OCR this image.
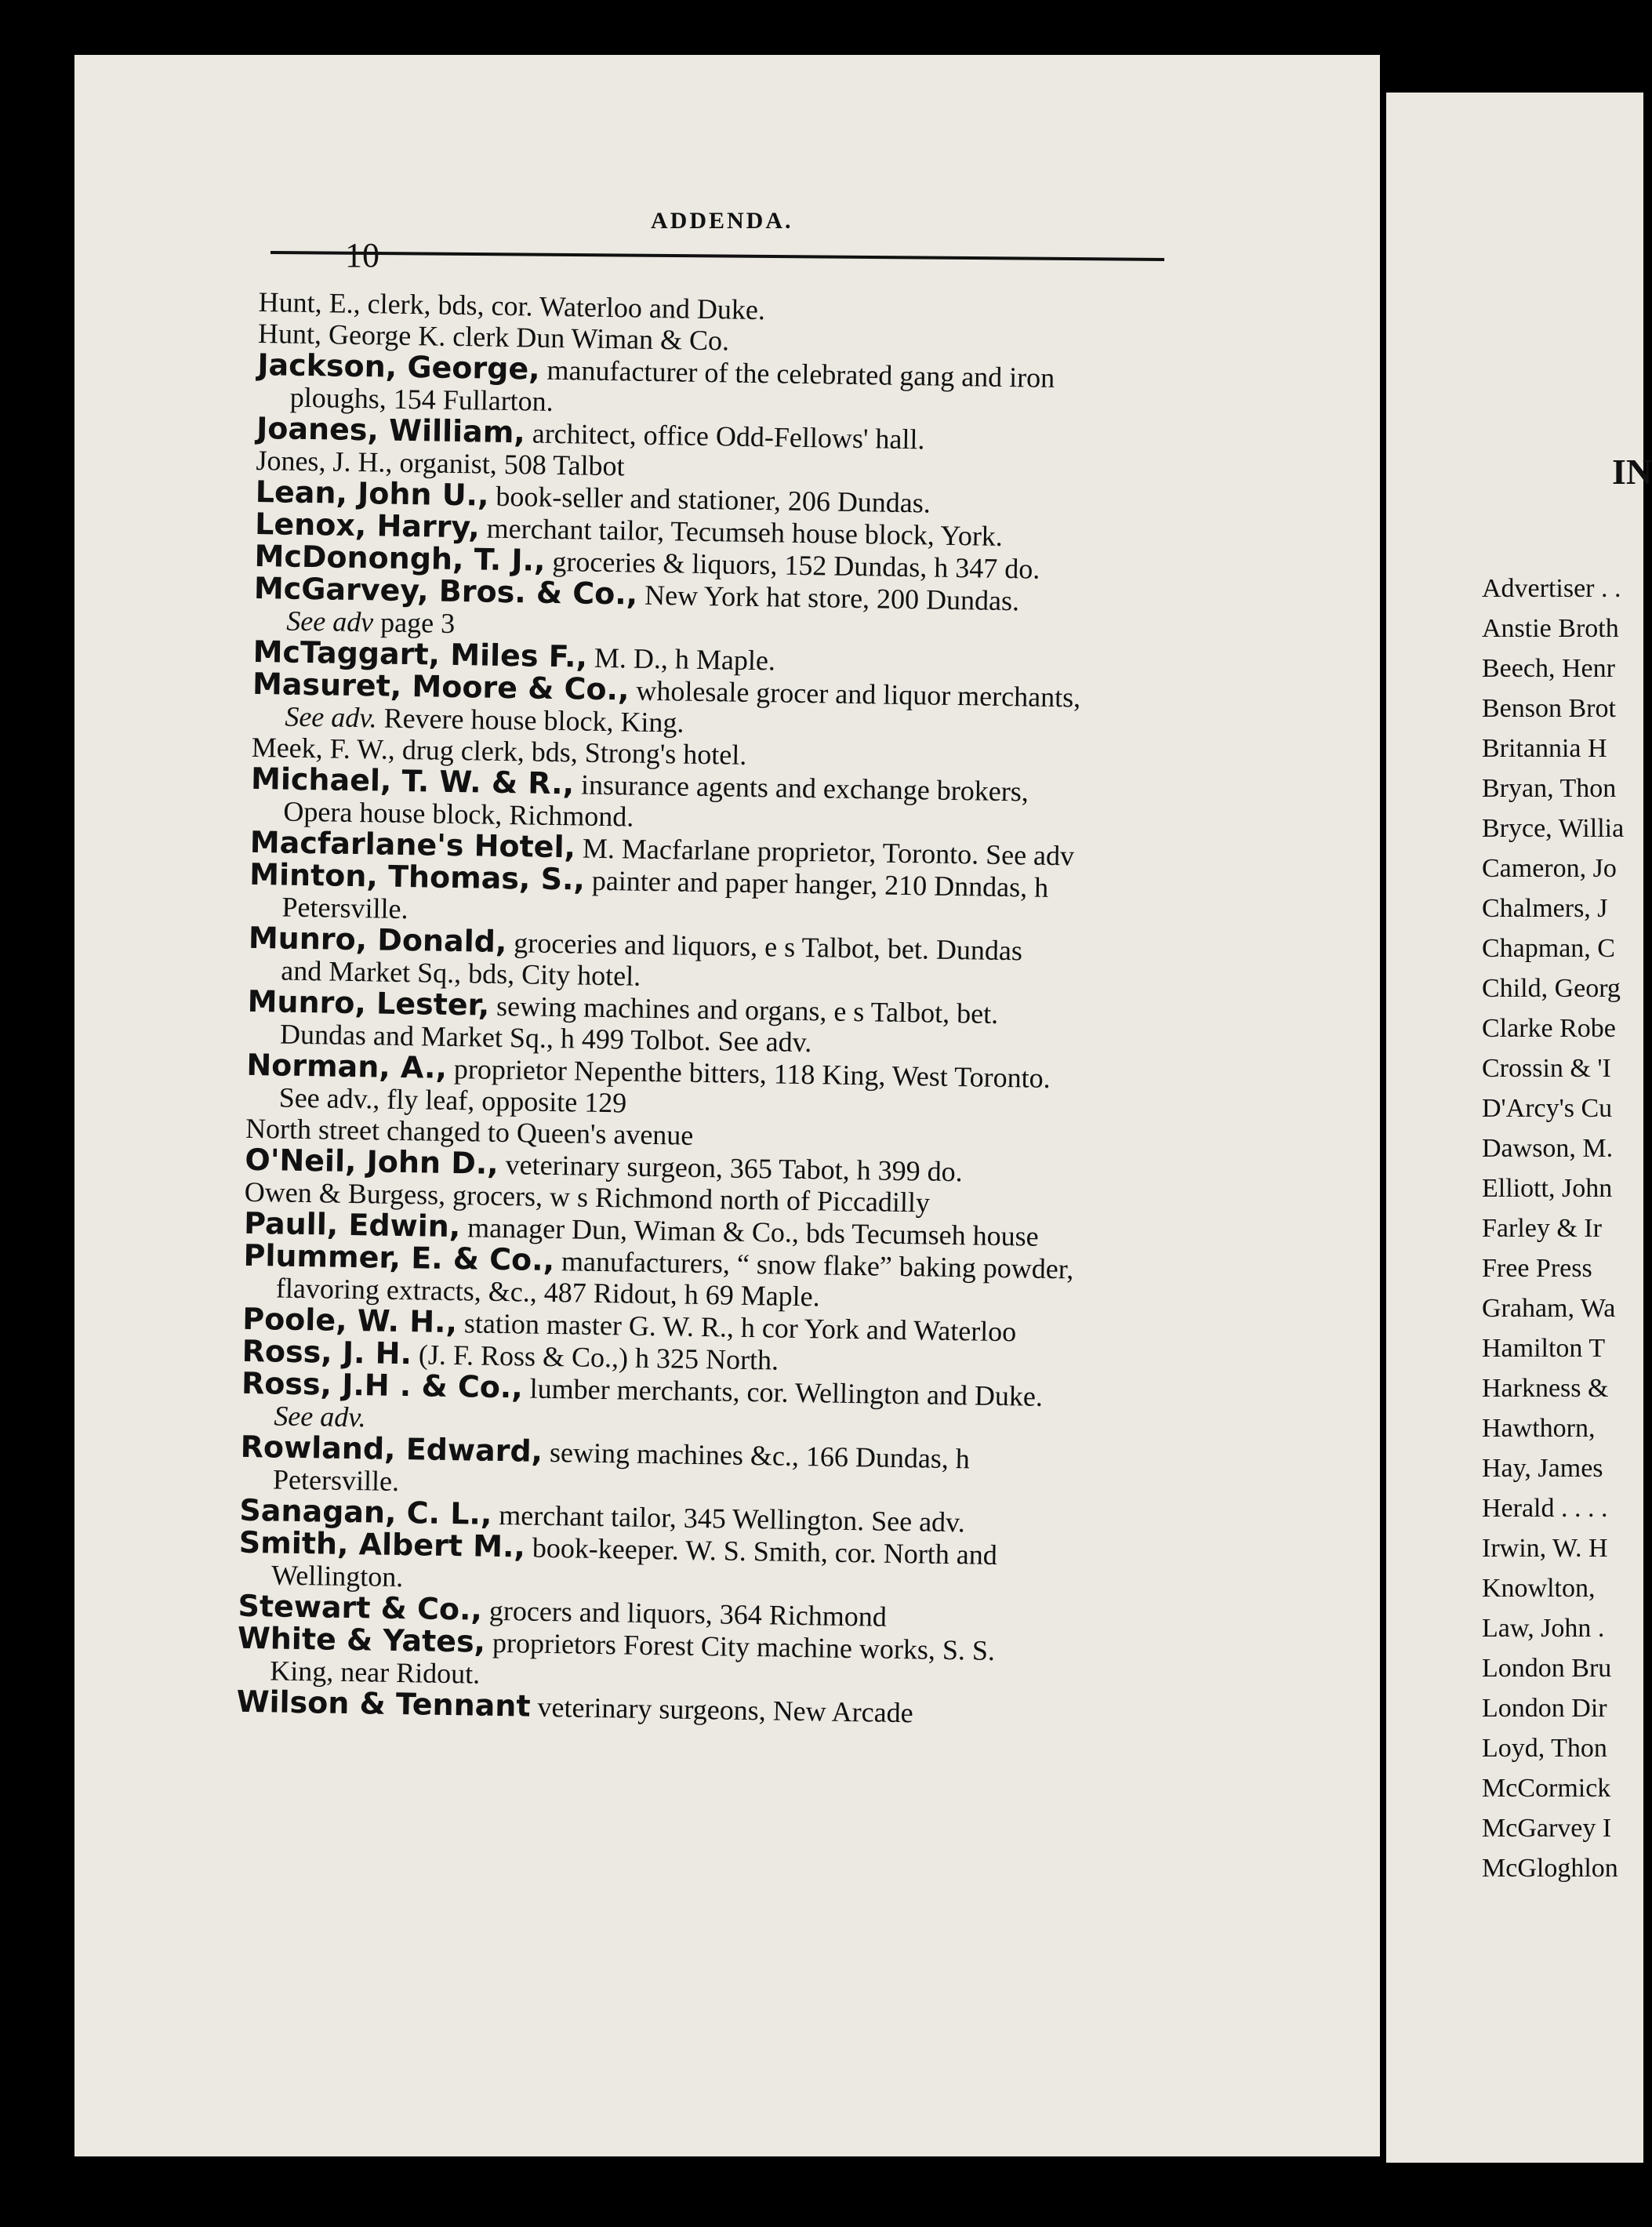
10
ADDENDA.
Hunt, E., clerk, bds, cor. Waterloo and Duke.
Hunt, George K. clerk Dun Wiman & Co.
Jackson, George, manufacturer of the celebrated gang and iron
ploughs, 154 Fullarton.
Joanes, William, architect, office Odd-Fellows' hall.
Jones, J. H., organist, 508 Talbot
Lean, John U., book-seller and stationer, 206 Dundas.
Lenox, Harry, merchant tailor, Tecumseh house block, York.
McDonongh, T. J., groceries & liquors, 152 Dundas, h 347 do.
McGarvey, Bros. & Co., New York hat store, 200 Dundas.
See adv page 3
McTaggart, Miles F., M. D., h Maple.
Masuret, Moore & Co., wholesale grocer and liquor merchants,
See adv. Revere house block, King.
Meek, F. W., drug clerk, bds, Strong's hotel.
Michael, T. W. & R., insurance agents and exchange brokers,
Opera house block, Richmond.
Macfarlane's Hotel, M. Macfarlane proprietor, Toronto. See adv
Minton, Thomas, S., painter and paper hanger, 210 Dnndas, h
Petersville.
Munro, Donald, groceries and liquors, e s Talbot, bet. Dundas
and Market Sq., bds, City hotel.
Munro, Lester, sewing machines and organs, e s Talbot, bet.
Dundas and Market Sq., h 499 Tolbot. See adv.
Norman, A., proprietor Nepenthe bitters, 118 King, West Toronto.
See adv., fly leaf, opposite 129
North street changed to Queen's avenue
O'Neil, John D., veterinary surgeon, 365 Tabot, h 399 do.
Owen & Burgess, grocers, w s Richmond north of Piccadilly
Paull, Edwin, manager Dun, Wiman & Co., bds Tecumseh house
Plummer, E. & Co., manufacturers, “ snow flake” baking powder,
flavoring extracts, &c., 487 Ridout, h 69 Maple.
Poole, W. H., station master G. W. R., h cor York and Waterloo
Ross, J. H. (J. F. Ross & Co.,) h 325 North.
Ross, J.H . & Co., lumber merchants, cor. Wellington and Duke.
See adv.
Rowland, Edward, sewing machines &c., 166 Dundas, h
Petersville.
Sanagan, C. L., merchant tailor, 345 Wellington. See adv.
Smith, Albert M., book-keeper. W. S. Smith, cor. North and
Wellington.
Stewart & Co., grocers and liquors, 364 Richmond
White & Yates, proprietors Forest City machine works, S. S.
King, near Ridout.
Wilson & Tennant veterinary surgeons, New Arcade
IN
Advertiser . .
Anstie Broth
Beech, Henr
Benson Brot
Britannia H
Bryan, Thon
Bryce, Willia
Cameron, Jo
Chalmers, J
Chapman, C
Child, Georg
Clarke Robe
Crossin & 'I
D'Arcy's Cu
Dawson, M.
Elliott, John
Farley & Ir
Free Press
Graham, Wa
Hamilton T
Harkness &
Hawthorn,
Hay, James
Herald . . . .
Irwin, W. H
Knowlton,
Law, John .
London Bru
London Dir
Loyd, Thon
McCormick
McGarvey I
McGloghlon
